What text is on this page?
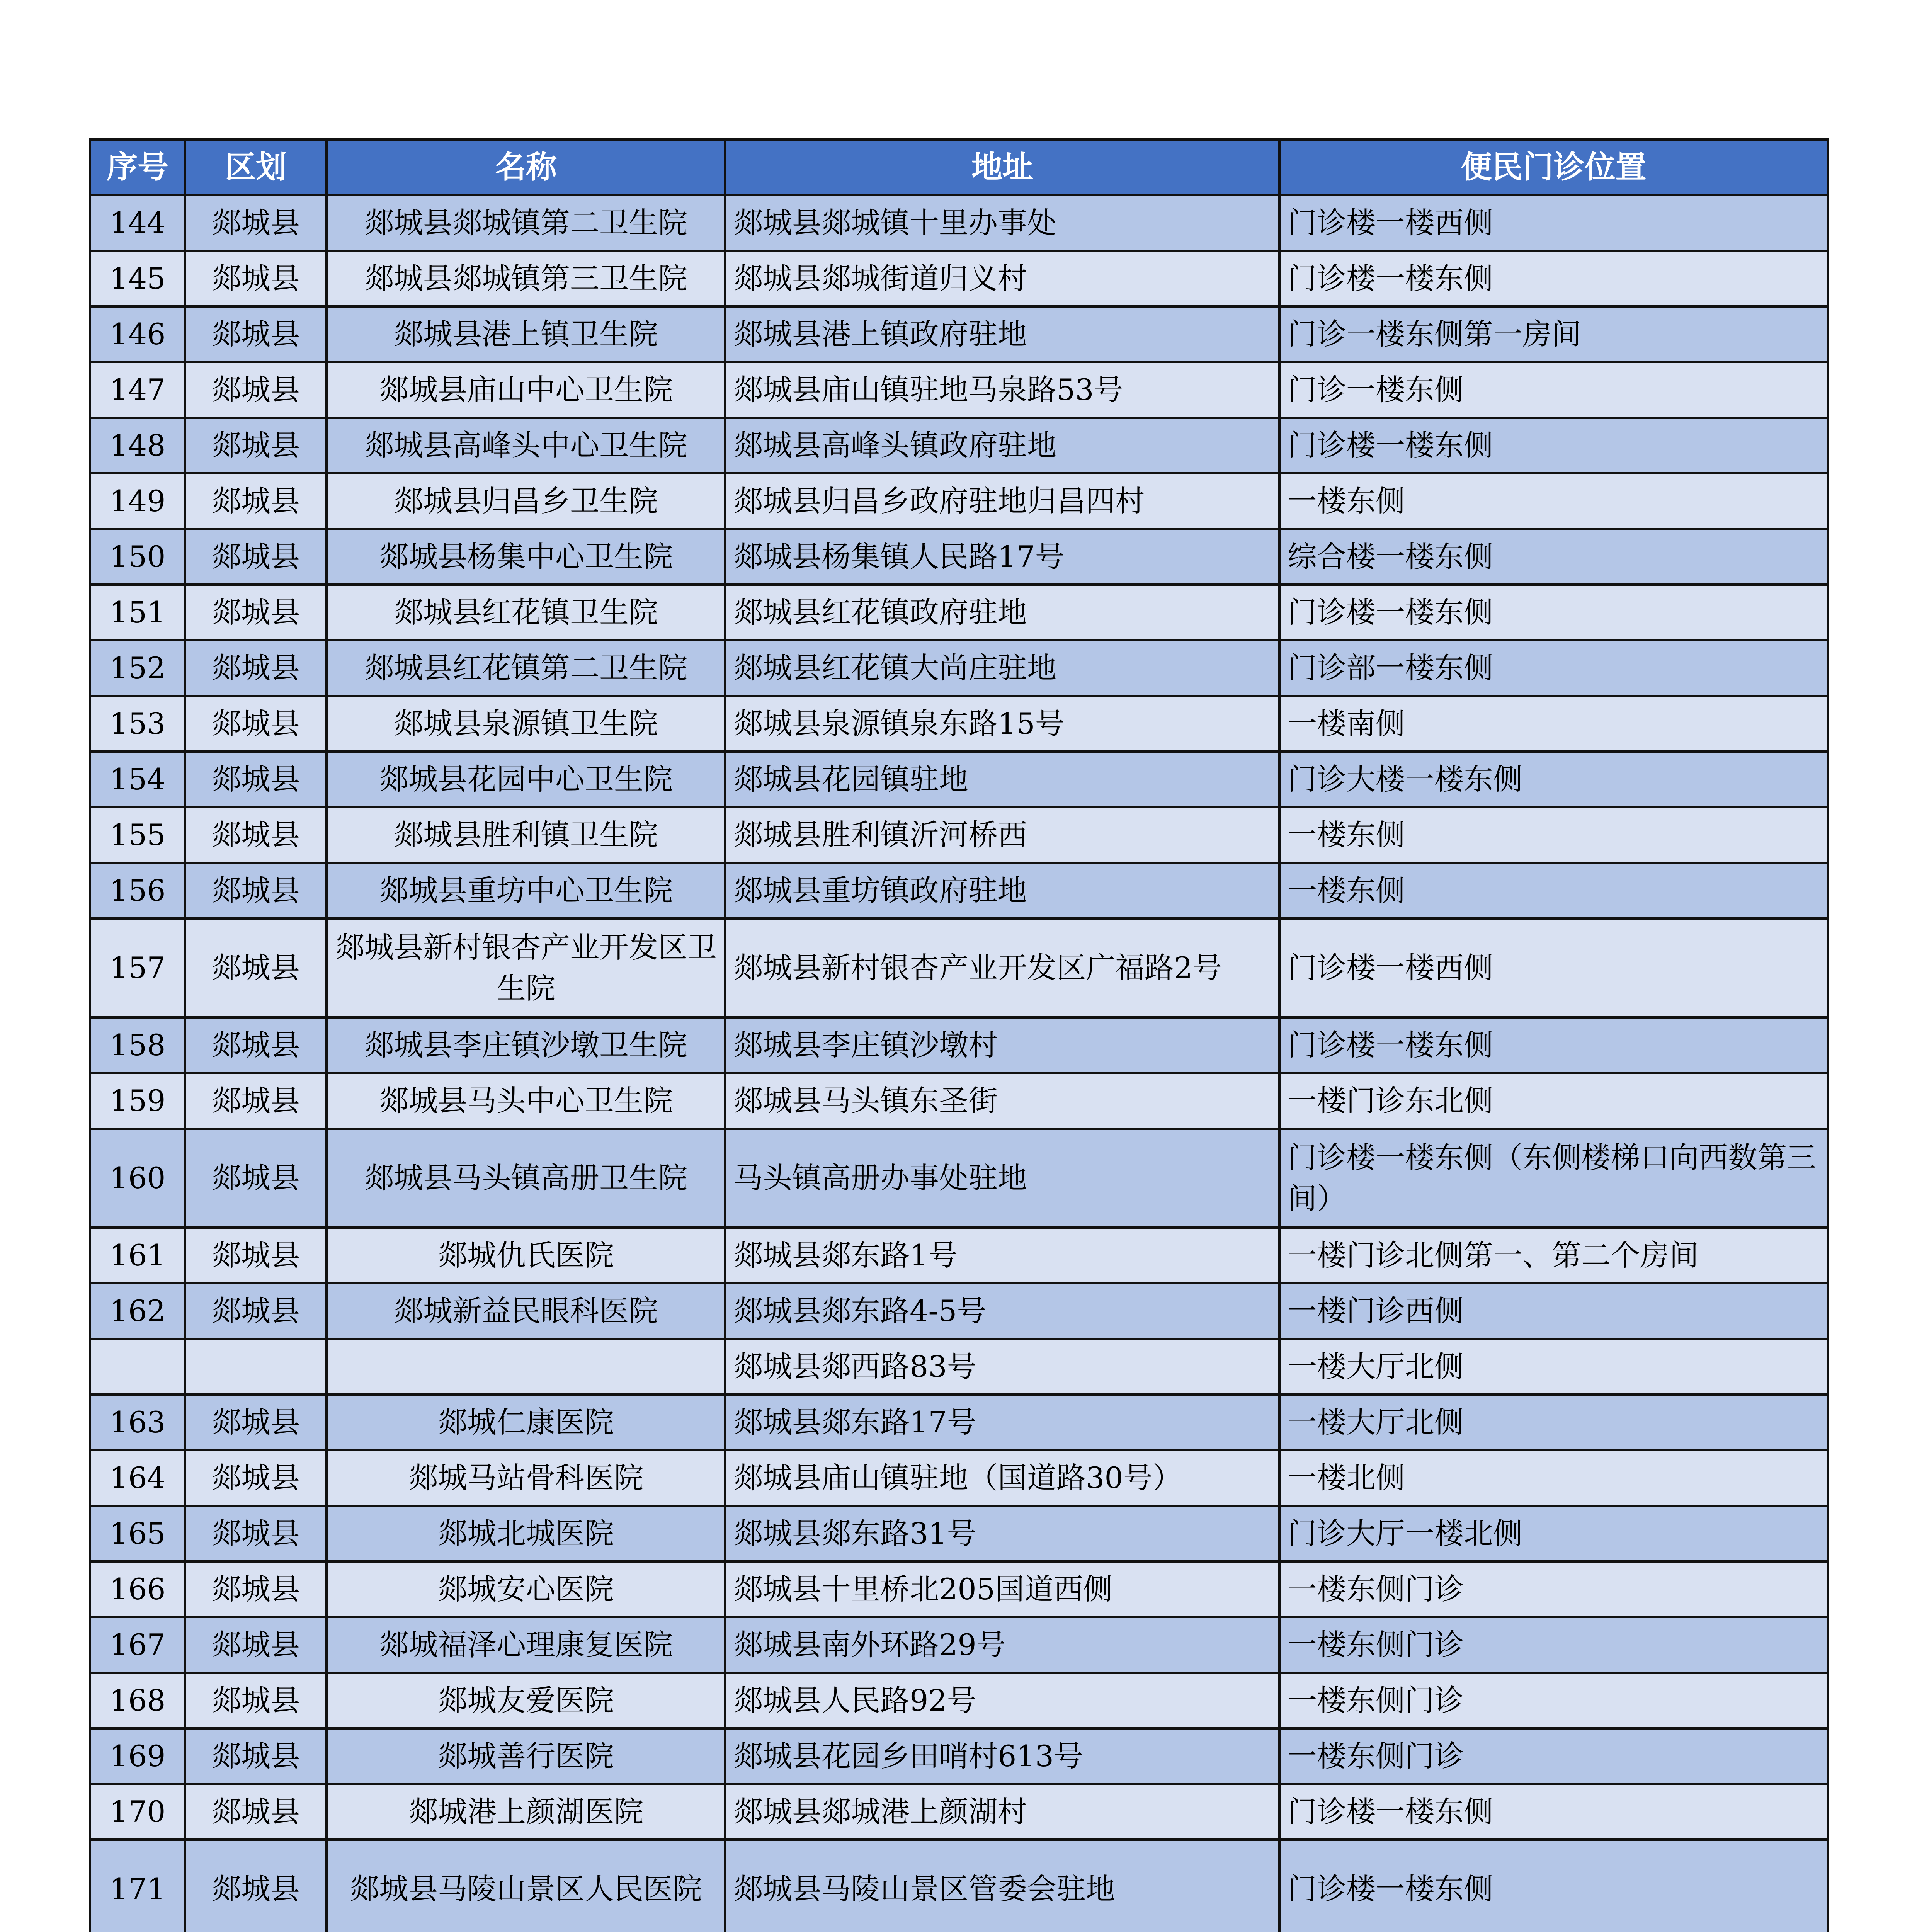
序号	区划	名称	地址	便民门诊位置
144	郯城县	郯城县郯城镇第二卫生院	郯城县郯城镇十里办事处	门诊楼一楼西侧
145	郯城县	郯城县郯城镇第三卫生院	郯城县郯城街道归义村	门诊楼一楼东侧
146	郯城县	郯城县港上镇卫生院	郯城县港上镇政府驻地	门诊一楼东侧第一房间
147	郯城县	郯城县庙山中心卫生院	郯城县庙山镇驻地马泉路53号	门诊一楼东侧
148	郯城县	郯城县高峰头中心卫生院	郯城县高峰头镇政府驻地	门诊楼一楼东侧
149	郯城县	郯城县归昌乡卫生院	郯城县归昌乡政府驻地归昌四村	一楼东侧
150	郯城县	郯城县杨集中心卫生院	郯城县杨集镇人民路17号	综合楼一楼东侧
151	郯城县	郯城县红花镇卫生院	郯城县红花镇政府驻地	门诊楼一楼东侧
152	郯城县	郯城县红花镇第二卫生院	郯城县红花镇大尚庄驻地	门诊部一楼东侧
153	郯城县	郯城县泉源镇卫生院	郯城县泉源镇泉东路15号	一楼南侧
154	郯城县	郯城县花园中心卫生院	郯城县花园镇驻地	门诊大楼一楼东侧
155	郯城县	郯城县胜利镇卫生院	郯城县胜利镇沂河桥西	一楼东侧
156	郯城县	郯城县重坊中心卫生院	郯城县重坊镇政府驻地	一楼东侧
157	郯城县	郯城县新村银杏产业开发区卫生院	郯城县新村银杏产业开发区广福路2号	门诊楼一楼西侧
158	郯城县	郯城县李庄镇沙墩卫生院	郯城县李庄镇沙墩村	门诊楼一楼东侧
159	郯城县	郯城县马头中心卫生院	郯城县马头镇东圣街	一楼门诊东北侧
160	郯城县	郯城县马头镇高册卫生院	马头镇高册办事处驻地	门诊楼一楼东侧（东侧楼梯口向西数第三间）
161	郯城县	郯城仇氏医院	郯城县郯东路1号	一楼门诊北侧第一、第二个房间
162	郯城县	郯城新益民眼科医院	郯城县郯东路4-5号	一楼门诊西侧
			郯城县郯西路83号	一楼大厅北侧
163	郯城县	郯城仁康医院	郯城县郯东路17号	一楼大厅北侧
164	郯城县	郯城马站骨科医院	郯城县庙山镇驻地（国道路30号）	一楼北侧
165	郯城县	郯城北城医院	郯城县郯东路31号	门诊大厅一楼北侧
166	郯城县	郯城安心医院	郯城县十里桥北205国道西侧	一楼东侧门诊
167	郯城县	郯城福泽心理康复医院	郯城县南外环路29号	一楼东侧门诊
168	郯城县	郯城友爱医院	郯城县人民路92号	一楼东侧门诊
169	郯城县	郯城善行医院	郯城县花园乡田哨村613号	一楼东侧门诊
170	郯城县	郯城港上颜湖医院	郯城县郯城港上颜湖村	门诊楼一楼东侧
171	郯城县	郯城县马陵山景区人民医院	郯城县马陵山景区管委会驻地	门诊楼一楼东侧
